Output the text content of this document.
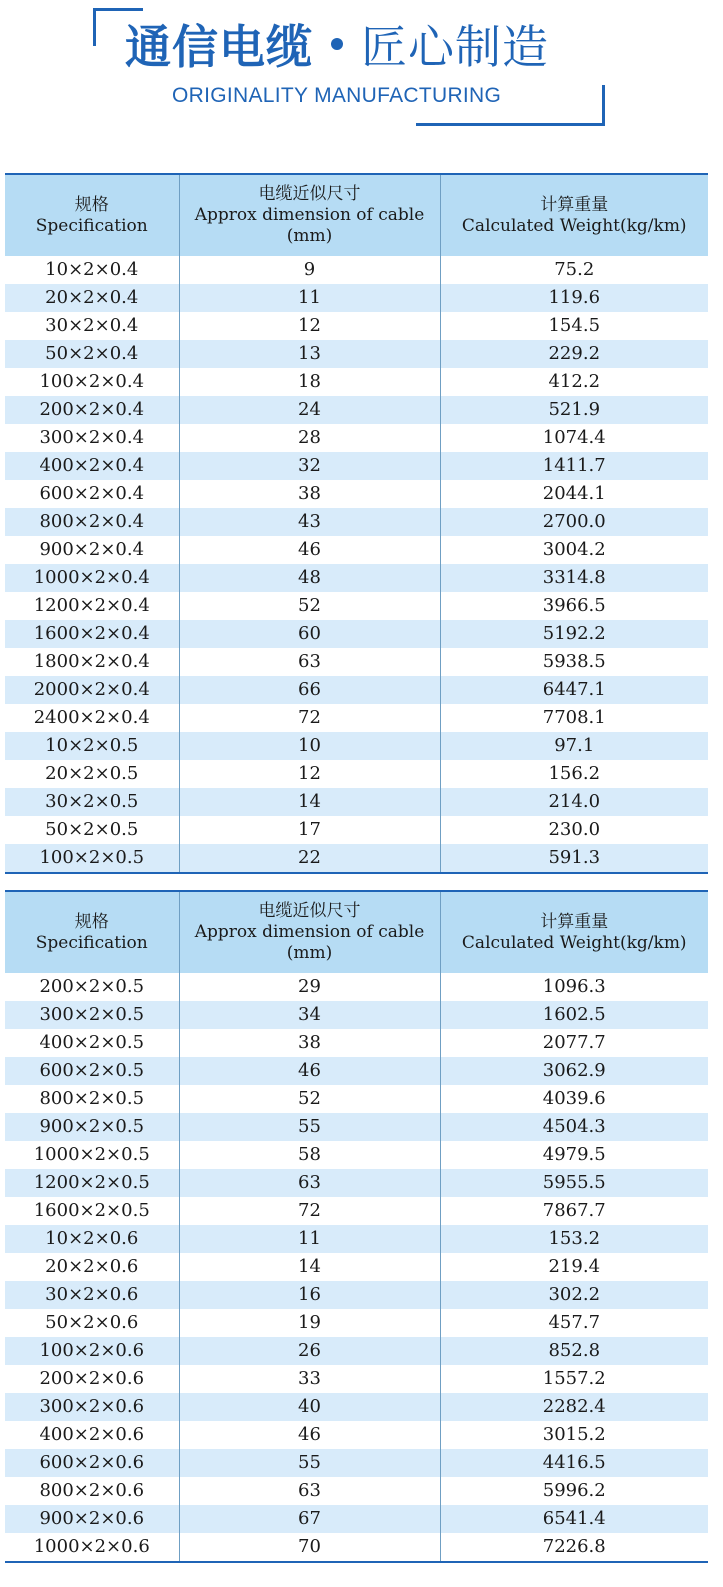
通信电缆 匠心制造
ORIGINALITY MANUFACTURING
规格
Specification	电缆近似尺寸
Approx dimension of cable
(mm)	计算重量
Calculated Weight(kg/km)
10×2×0.4	9	75.2
20×2×0.4	11	119.6
30×2×0.4	12	154.5
50×2×0.4	13	229.2
100×2×0.4	18	412.2
200×2×0.4	24	521.9
300×2×0.4	28	1074.4
400×2×0.4	32	1411.7
600×2×0.4	38	2044.1
800×2×0.4	43	2700.0
900×2×0.4	46	3004.2
1000×2×0.4	48	3314.8
1200×2×0.4	52	3966.5
1600×2×0.4	60	5192.2
1800×2×0.4	63	5938.5
2000×2×0.4	66	6447.1
2400×2×0.4	72	7708.1
10×2×0.5	10	97.1
20×2×0.5	12	156.2
30×2×0.5	14	214.0
50×2×0.5	17	230.0
100×2×0.5	22	591.3
规格
Specification	电缆近似尺寸
Approx dimension of cable
(mm)	计算重量
Calculated Weight(kg/km)
200×2×0.5	29	1096.3
300×2×0.5	34	1602.5
400×2×0.5	38	2077.7
600×2×0.5	46	3062.9
800×2×0.5	52	4039.6
900×2×0.5	55	4504.3
1000×2×0.5	58	4979.5
1200×2×0.5	63	5955.5
1600×2×0.5	72	7867.7
10×2×0.6	11	153.2
20×2×0.6	14	219.4
30×2×0.6	16	302.2
50×2×0.6	19	457.7
100×2×0.6	26	852.8
200×2×0.6	33	1557.2
300×2×0.6	40	2282.4
400×2×0.6	46	3015.2
600×2×0.6	55	4416.5
800×2×0.6	63	5996.2
900×2×0.6	67	6541.4
1000×2×0.6	70	7226.8
